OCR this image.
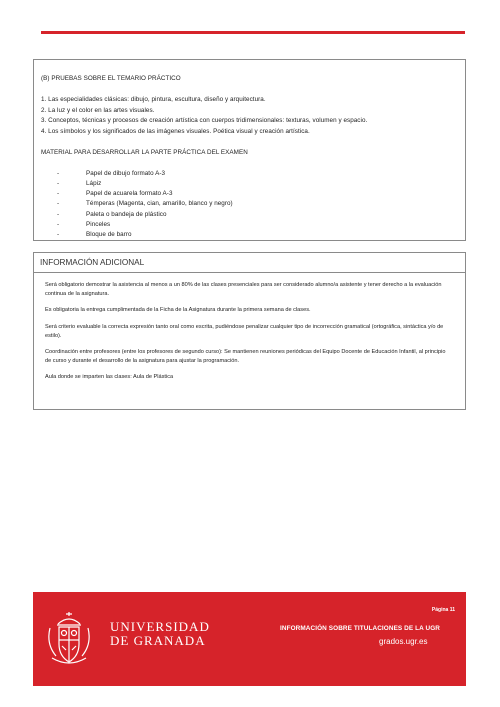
(B) PRUEBAS SOBRE EL TEMARIO PRÁCTICO

1. Las especialidades clásicas: dibujo, pintura, escultura, diseño y arquitectura.
2. La luz y el color en las artes visuales.
3. Conceptos, técnicas y procesos de creación artística con cuerpos tridimensionales: texturas, volumen y espacio.
4. Los símbolos y los significados de las imágenes visuales. Poética visual y creación artística.

MATERIAL PARA DESARROLLAR LA PARTE PRÁCTICA DEL EXAMEN

- Papel de dibujo formato A-3
- Lápiz
- Papel de acuarela formato A-3
- Témperas (Magenta, cian, amarillo, blanco y negro)
- Paleta o bandeja de plástico
- Pinceles
- Bloque de barro
INFORMACIÓN ADICIONAL

Será obligatorio demostrar la asistencia al menos a un 80% de las clases presenciales para ser considerado alumno/a asistente y tener derecho a la evaluación continua de la asignatura.

Es obligatoria la entrega cumplimentada de la Ficha de la Asignatura durante la primera semana de clases.

Será criterio evaluable la correcta expresión tanto oral como escrita, pudiéndose penalizar cualquier tipo de incorrección gramatical (ortográfica, sintáctica y/o de estilo).

Coordinación entre profesores (entre los profesores de segundo curso): Se mantienen reuniones periódicas del Equipo Docente de Educación Infantil, al principio de curso y durante el desarrollo de la asignatura para ajustar la programación.

Aula donde se imparten las clases: Aula de Plástica

UNIVERSIDAD
DE GRANADA
Página 11
INFORMACIÓN SOBRE TITULACIONES DE LA UGR
grados.ugr.es
